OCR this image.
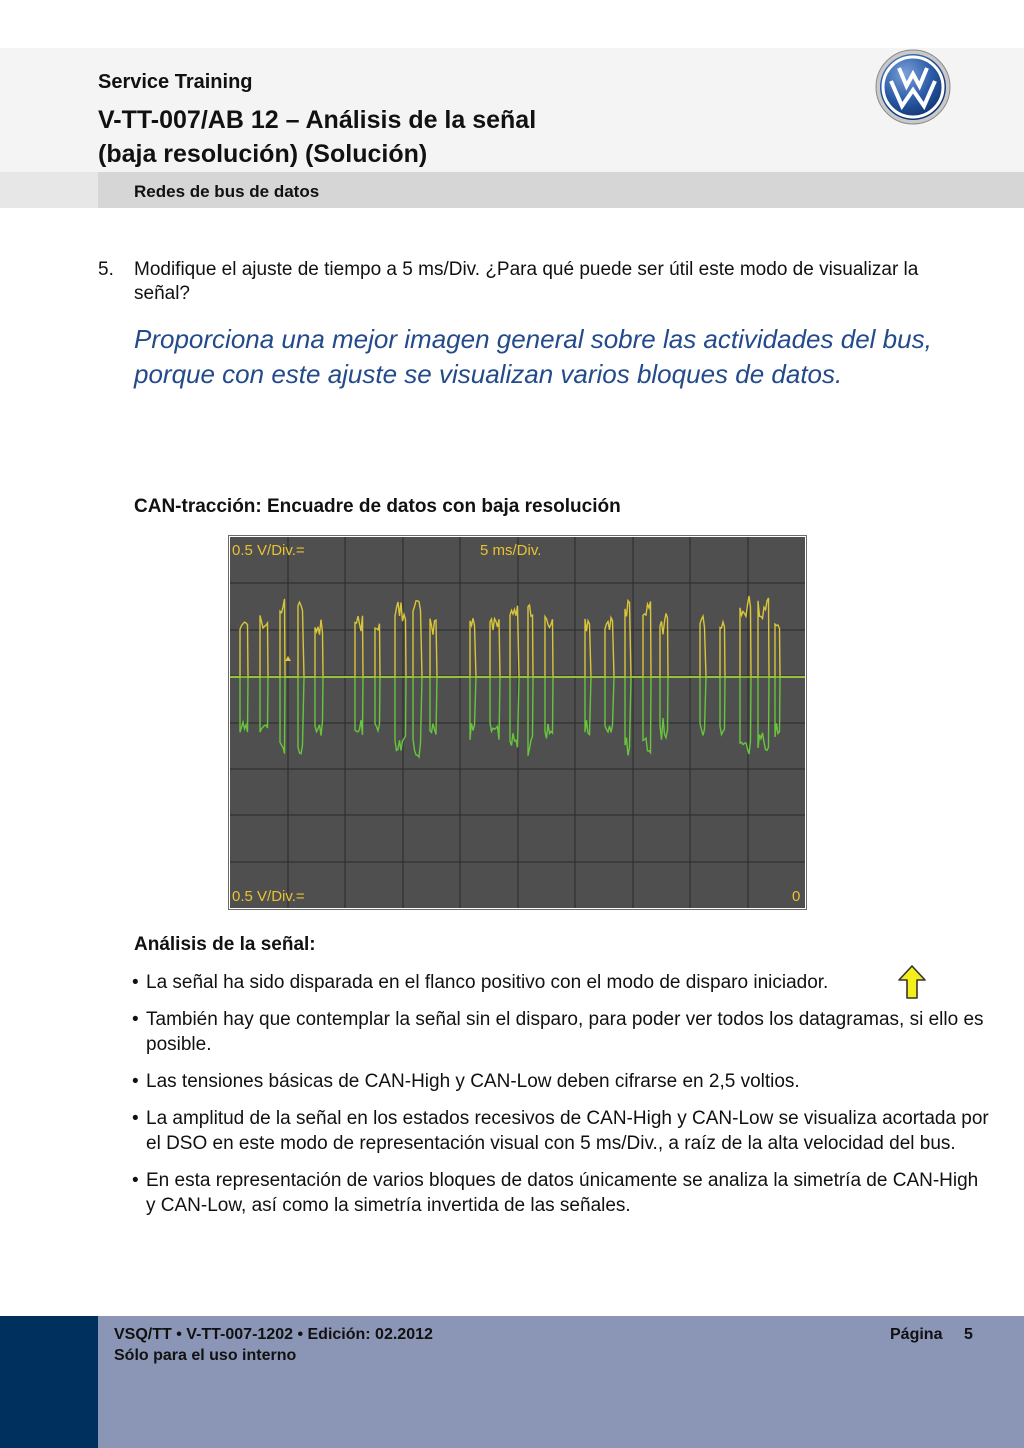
Service Training
V-TT-007/AB 12 – Análisis de la señal
(baja resolución) (Solución)
Redes de bus de datos
5. Modifique el ajuste de tiempo a 5 ms/Div. ¿Para qué puede ser útil este modo de visualizar la señal?
Proporciona una mejor imagen general sobre las actividades del bus, porque con este ajuste se visualizan varios bloques de datos.
CAN-tracción: Encuadre de datos con baja resolución
0.5 V/Div.=	5 ms/Div.
0.5 V/Div.=	0
Análisis de la señal:
• La señal ha sido disparada en el flanco positivo con el modo de disparo iniciador.
• También hay que contemplar la señal sin el disparo, para poder ver todos los datagramas, si ello es posible.
• Las tensiones básicas de CAN-High y CAN-Low deben cifrarse en 2,5 voltios.
• La amplitud de la señal en los estados recesivos de CAN-High y CAN-Low se visualiza acortada por el DSO en este modo de representación visual con 5 ms/Div., a raíz de la alta velocidad del bus.
• En esta representación de varios bloques de datos únicamente se analiza la simetría de CAN-High y CAN-Low, así como la simetría invertida de las señales.
VSQ/TT • V-TT-007-1202 • Edición: 02.2012
Sólo para el uso interno
Página 5
